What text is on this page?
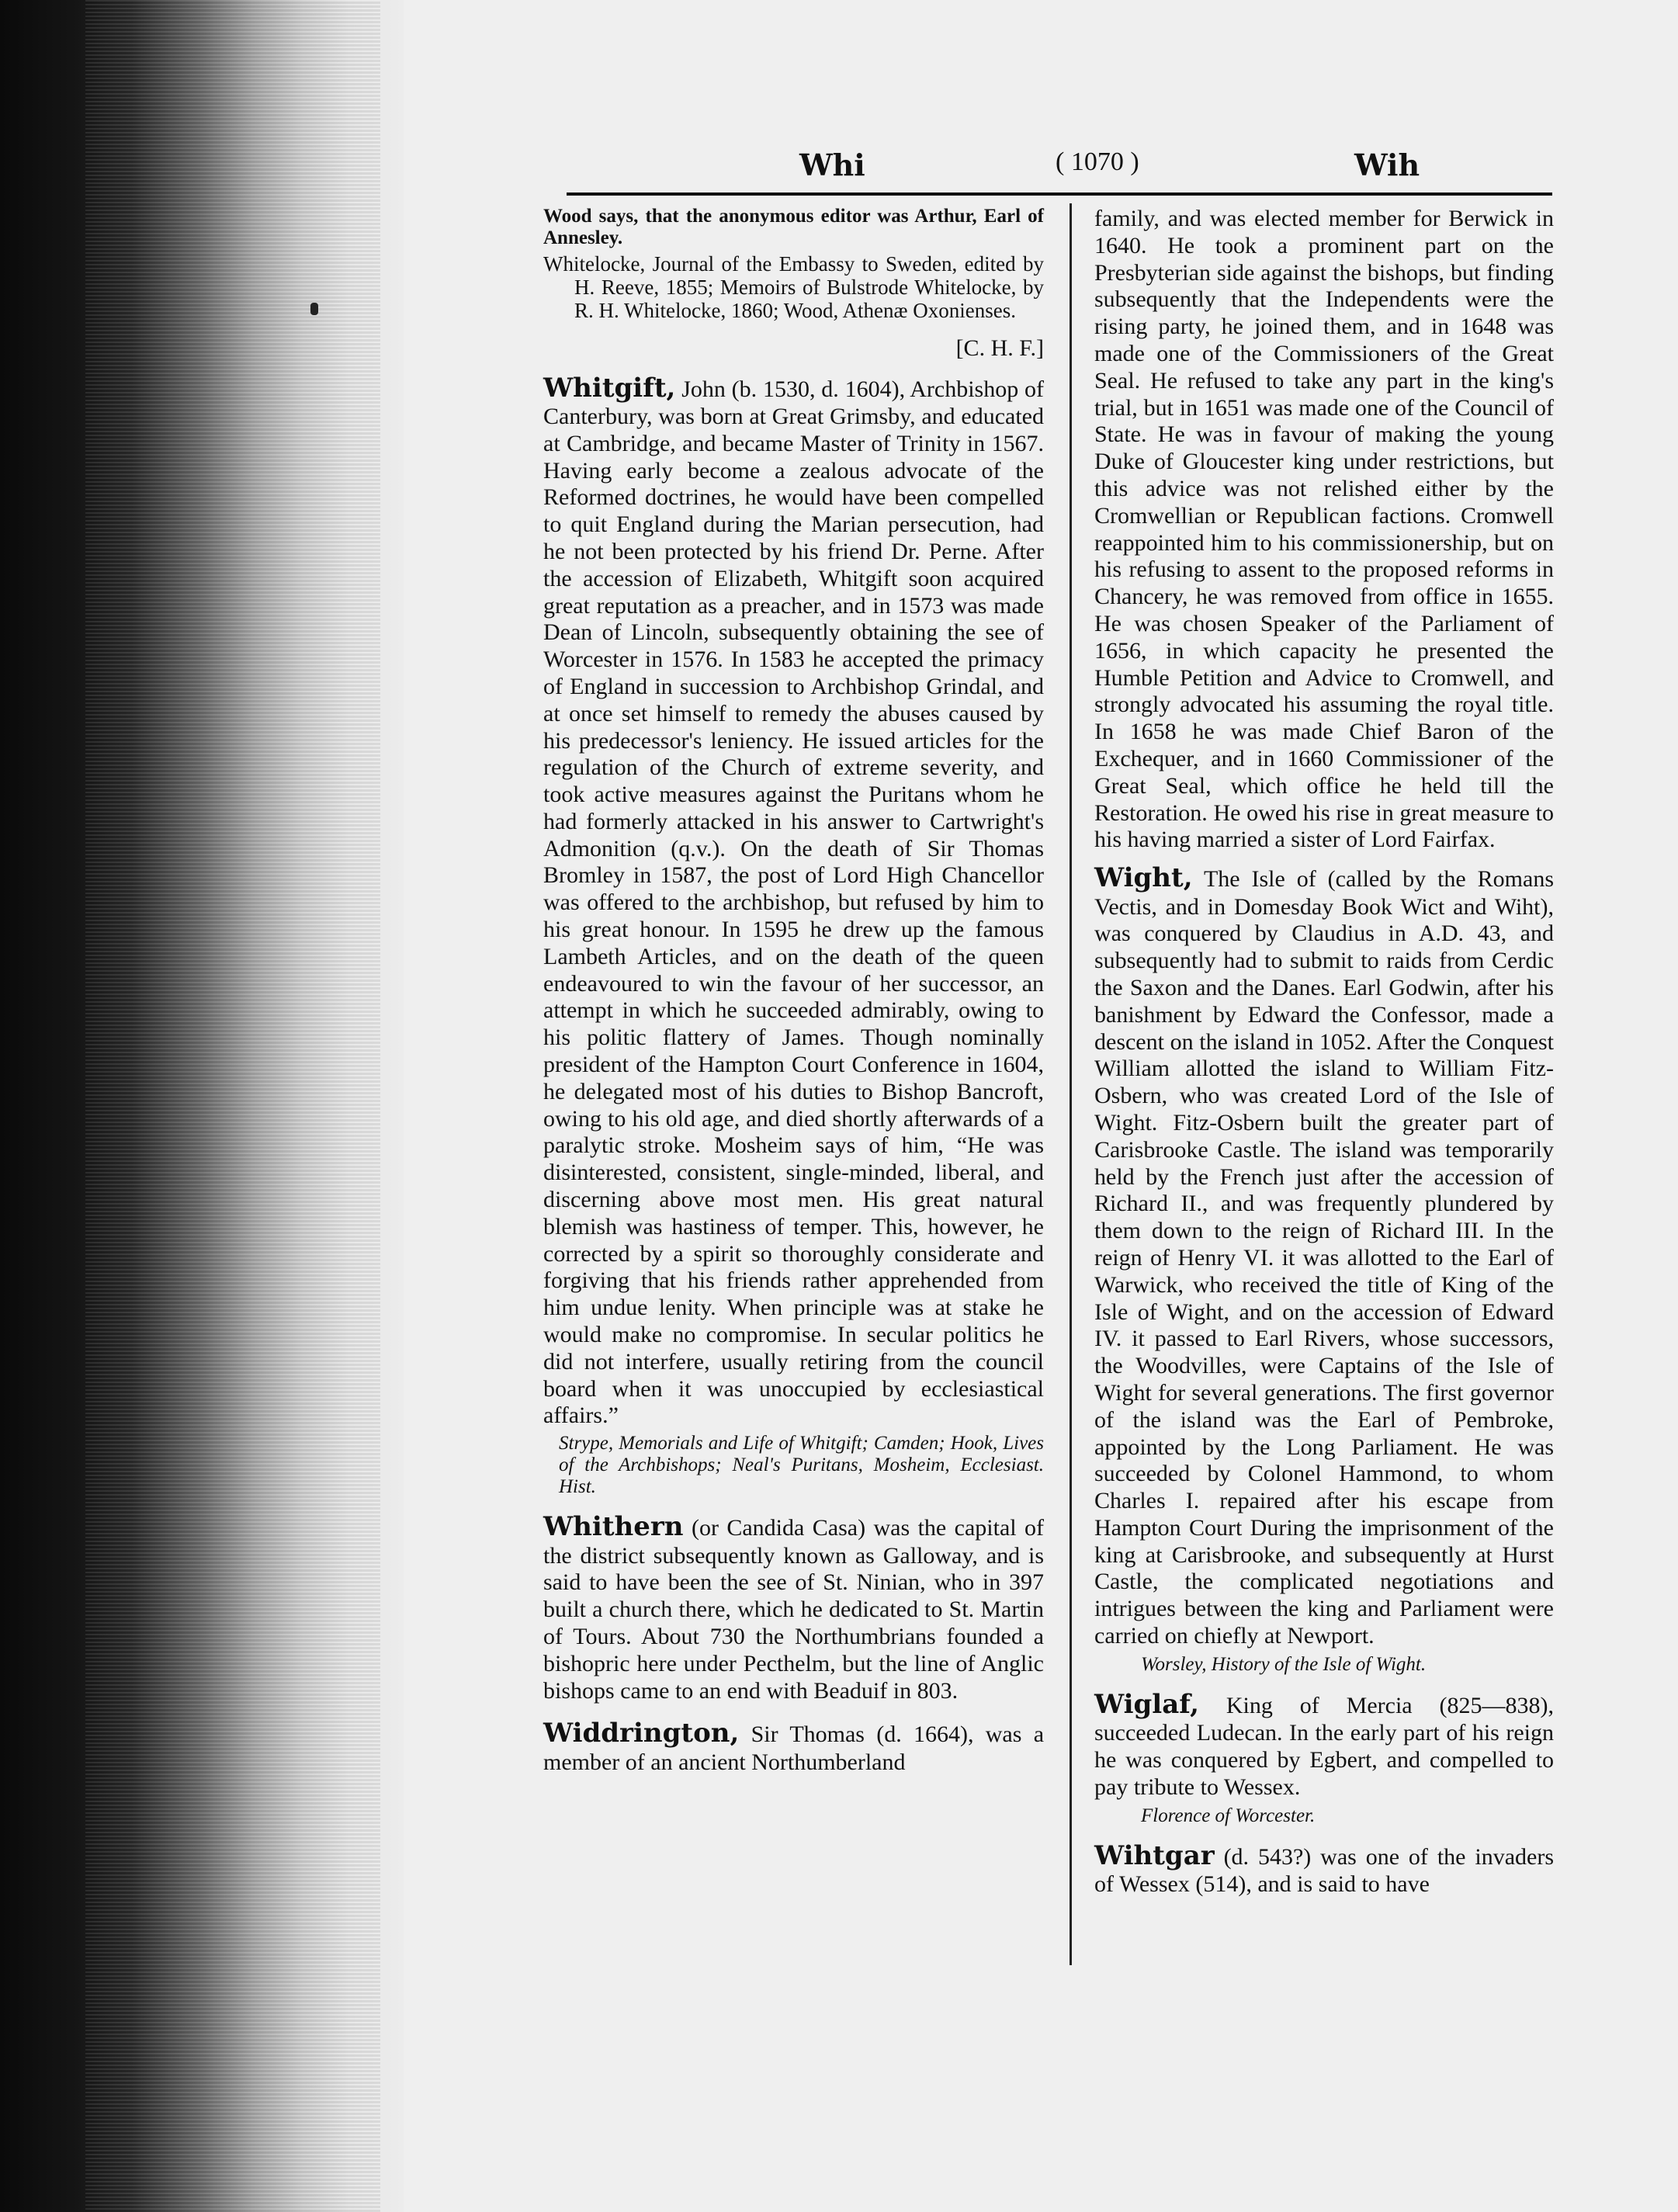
Whi	( 1070 )	Wih

Wood says, that the anonymous editor was Arthur, Earl of Annesley.

Whitelocke, Journal of the Embassy to Sweden, edited by H. Reeve, 1855; Memoirs of Bulstrode Whitelocke, by R. H. Whitelocke, 1860; Wood, Athenæ Oxonienses.

[C. H. F.]

Whitgift, John (b. 1530, d. 1604), Archbishop of Canterbury, was born at Great Grimsby, and educated at Cambridge, and became Master of Trinity in 1567. Having early become a zealous advocate of the Reformed doctrines, he would have been compelled to quit England during the Marian persecution, had he not been protected by his friend Dr. Perne. After the accession of Elizabeth, Whitgift soon acquired great reputation as a preacher, and in 1573 was made Dean of Lincoln, subsequently obtaining the see of Worcester in 1576. In 1583 he accepted the primacy of England in succession to Archbishop Grindal, and at once set himself to remedy the abuses caused by his predecessor's leniency. He issued articles for the regulation of the Church of extreme severity, and took active measures against the Puritans whom he had formerly attacked in his answer to Cartwright's Admonition (q.v.). On the death of Sir Thomas Bromley in 1587, the post of Lord High Chancellor was offered to the archbishop, but refused by him to his great honour. In 1595 he drew up the famous Lambeth Articles, and on the death of the queen endeavoured to win the favour of her successor, an attempt in which he succeeded admirably, owing to his politic flattery of James. Though nominally president of the Hampton Court Conference in 1604, he delegated most of his duties to Bishop Bancroft, owing to his old age, and died shortly afterwards of a paralytic stroke. Mosheim says of him, “He was disinterested, consistent, single-minded, liberal, and discerning above most men. His great natural blemish was hastiness of temper. This, however, he corrected by a spirit so thoroughly considerate and forgiving that his friends rather apprehended from him undue lenity. When principle was at stake he would make no compromise. In secular politics he did not interfere, usually retiring from the council board when it was unoccupied by ecclesiastical affairs.”

Strype, Memorials and Life of Whitgift; Camden; Hook, Lives of the Archbishops; Neal's Puritans, Mosheim, Ecclesiast. Hist.

Whithern (or Candida Casa) was the capital of the district subsequently known as Galloway, and is said to have been the see of St. Ninian, who in 397 built a church there, which he dedicated to St. Martin of Tours. About 730 the Northumbrians founded a bishopric here under Pecthelm, but the line of Anglic bishops came to an end with Beaduif in 803.

Widdrington, Sir Thomas (d. 1664), was a member of an ancient Northumberland

family, and was elected member for Berwick in 1640. He took a prominent part on the Presbyterian side against the bishops, but finding subsequently that the Independents were the rising party, he joined them, and in 1648 was made one of the Commissioners of the Great Seal. He refused to take any part in the king's trial, but in 1651 was made one of the Council of State. He was in favour of making the young Duke of Gloucester king under restrictions, but this advice was not relished either by the Cromwellian or Republican factions. Cromwell reappointed him to his commissionership, but on his refusing to assent to the proposed reforms in Chancery, he was removed from office in 1655. He was chosen Speaker of the Parliament of 1656, in which capacity he presented the Humble Petition and Advice to Cromwell, and strongly advocated his assuming the royal title. In 1658 he was made Chief Baron of the Exchequer, and in 1660 Commissioner of the Great Seal, which office he held till the Restoration. He owed his rise in great measure to his having married a sister of Lord Fairfax.

Wight, The Isle of (called by the Romans Vectis, and in Domesday Book Wict and Wiht), was conquered by Claudius in A.D. 43, and subsequently had to submit to raids from Cerdic the Saxon and the Danes. Earl Godwin, after his banishment by Edward the Confessor, made a descent on the island in 1052. After the Conquest William allotted the island to William Fitz-Osbern, who was created Lord of the Isle of Wight. Fitz-Osbern built the greater part of Carisbrooke Castle. The island was temporarily held by the French just after the accession of Richard II., and was frequently plundered by them down to the reign of Richard III. In the reign of Henry VI. it was allotted to the Earl of Warwick, who received the title of King of the Isle of Wight, and on the accession of Edward IV. it passed to Earl Rivers, whose successors, the Woodvilles, were Captains of the Isle of Wight for several generations. The first governor of the island was the Earl of Pembroke, appointed by the Long Parliament. He was succeeded by Colonel Hammond, to whom Charles I. repaired after his escape from Hampton Court During the imprisonment of the king at Carisbrooke, and subsequently at Hurst Castle, the complicated negotiations and intrigues between the king and Parliament were carried on chiefly at Newport.

Worsley, History of the Isle of Wight.

Wiglaf, King of Mercia (825—838), succeeded Ludecan. In the early part of his reign he was conquered by Egbert, and compelled to pay tribute to Wessex.

Florence of Worcester.

Wihtgar (d. 543?) was one of the invaders of Wessex (514), and is said to have
